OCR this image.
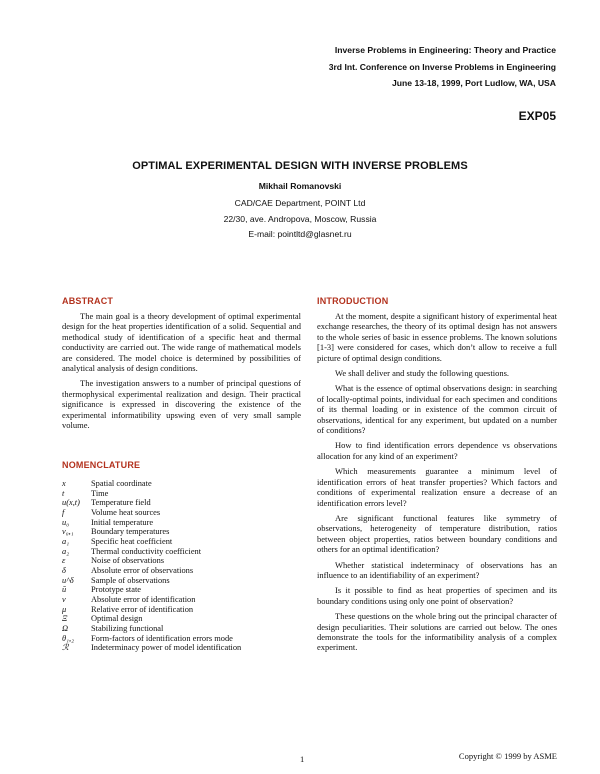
Inverse Problems in Engineering: Theory and Practice
3rd Int. Conference on Inverse Problems in Engineering
June 13-18, 1999, Port Ludlow, WA, USA
EXP05
OPTIMAL EXPERIMENTAL DESIGN WITH INVERSE PROBLEMS
Mikhail Romanovski
CAD/CAE Department, POINT Ltd
22/30, ave. Andropova, Moscow, Russia
E-mail: pointltd@glasnet.ru
ABSTRACT

The main goal is a theory development of optimal experimental design for the heat properties identification of a solid. Sequential and methodical study of identification of a specific heat and thermal conductivity are carried out. The wide range of mathematical models are considered. The model choice is determined by possibilities of analytical analysis of design conditions.

The investigation answers to a number of principal questions of thermophysical experimental realization and design. Their practical significance is expressed in discovering the existence of the experimental informatibility upswing even of very small sample volume.

NOMENCLATURE
x	Spatial coordinate
t	Time
u(x,t)	Temperature field
f	Volume heat sources
u₀	Initial temperature
v₀,₁	Boundary temperatures
a₁	Specific heat coefficient
a₂	Thermal conductivity coefficient
ε	Noise of observations
δ	Absolute error of observations
u^δ	Sample of observations
ū	Prototype state
ν	Absolute error of identification
μ	Relative error of identification
Ξ	Optimal design
Ω	Stabilizing functional
θ₁,₂	Form-factors of identification errors mode
ℛ	Indeterminacy power of model identification
INTRODUCTION

At the moment, despite a significant history of experimental heat exchange researches, the theory of its optimal design has not answers to the whole series of basic in essence problems. The known solutions [1-3] were considered for cases, which don’t allow to receive a full picture of optimal design conditions.

We shall deliver and study the following questions.

What is the essence of optimal observations design: in searching of locally-optimal points, individual for each specimen and conditions of its thermal loading or in existence of the common circuit of observations, identical for any experiment, but updated on a number of conditions?

How to find identification errors dependence vs observations allocation for any kind of an experiment?

Which measurements guarantee a minimum level of identification errors of heat transfer properties? Which factors and conditions of experimental realization ensure a decrease of an identification errors level?

Are significant functional features like symmetry of observations, heterogeneity of temperature distribution, ratios between object properties, ratios between boundary conditions and others for an optimal identification?

Whether statistical indeterminacy of observations has an influence to an identifiability of an experiment?

Is it possible to find as heat properties of specimen and its boundary conditions using only one point of observation?

These questions on the whole bring out the principal character of design peculiarities. Their solutions are carried out below. The ones demonstrate the tools for the informatibility analysis of a complex experiment.

1	Copyright © 1999 by ASME
